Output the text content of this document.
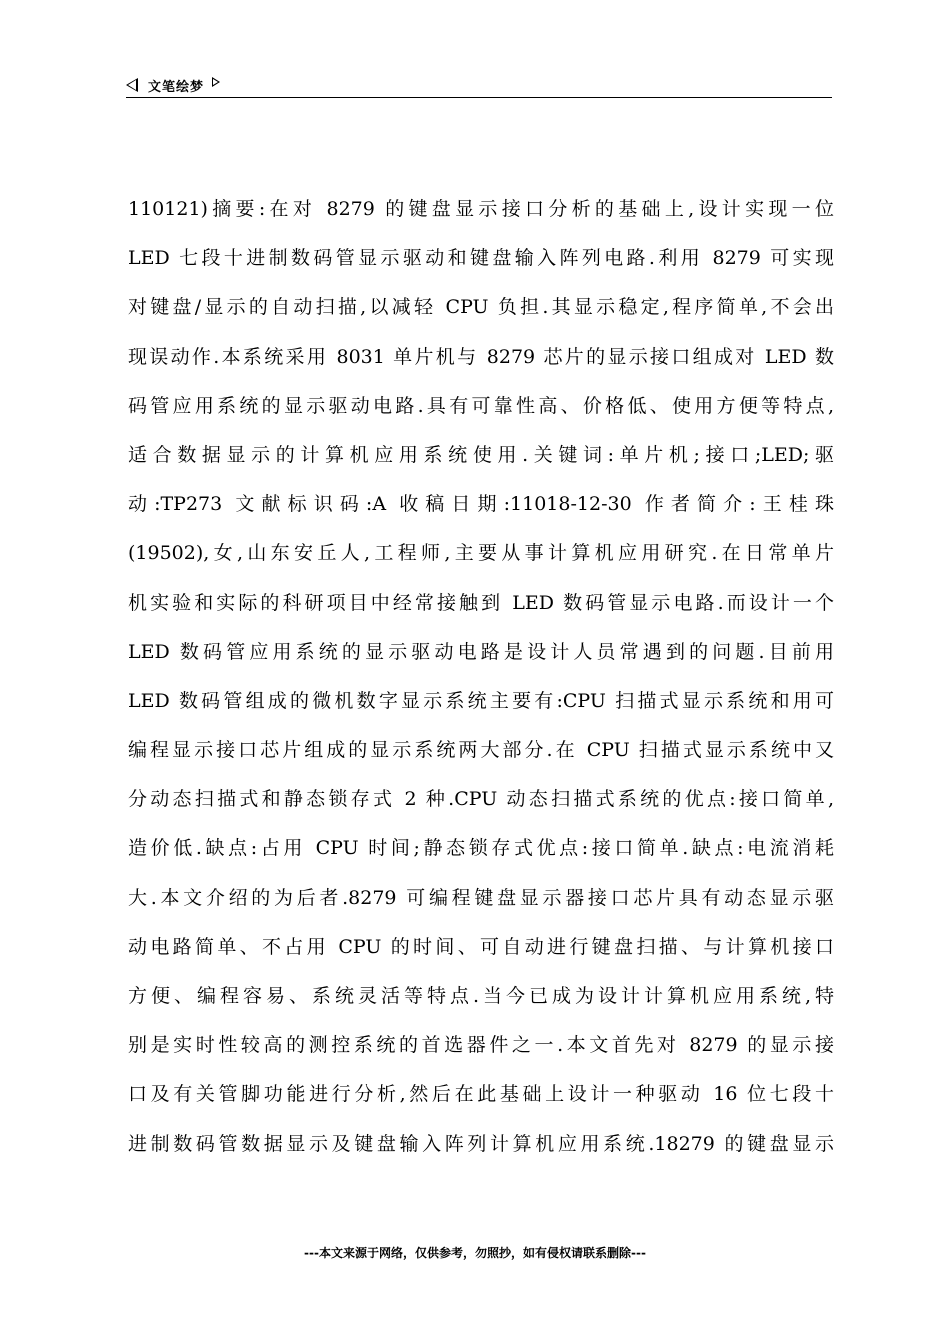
文笔绘梦
110121)摘要:在对 8279 的键盘显示接口分析的基础上,设计实现一位
LED 七段十进制数码管显示驱动和键盘输入阵列电路.利用 8279 可实现
对键盘/显示的自动扫描,以减轻 CPU 负担.其显示稳定,程序简单,不会出
现误动作.本系统采用 8031 单片机与 8279 芯片的显示接口组成对 LED 数
码管应用系统的显示驱动电路.具有可靠性高、价格低、使用方便等特点,
适合数据显示的计算机应用系统使用.关键词:单片机;接口;LED;驱
动:TP273 文献标识码:A 收稿日期:11018-12-30 作者简介:王桂珠
(19502),女,山东安丘人,工程师,主要从事计算机应用研究.在日常单片
机实验和实际的科研项目中经常接触到 LED 数码管显示电路.而设计一个
LED 数码管应用系统的显示驱动电路是设计人员常遇到的问题.目前用
LED 数码管组成的微机数字显示系统主要有:CPU 扫描式显示系统和用可
编程显示接口芯片组成的显示系统两大部分.在 CPU 扫描式显示系统中又
分动态扫描式和静态锁存式 2 种.CPU 动态扫描式系统的优点:接口简单,
造价低.缺点:占用 CPU 时间;静态锁存式优点:接口简单.缺点:电流消耗
大.本文介绍的为后者.8279 可编程键盘显示器接口芯片具有动态显示驱
动电路简单、不占用 CPU 的时间、可自动进行键盘扫描、与计算机接口
方便、编程容易、系统灵活等特点.当今已成为设计计算机应用系统,特
别是实时性较高的测控系统的首选器件之一.本文首先对 8279 的显示接
口及有关管脚功能进行分析,然后在此基础上设计一种驱动 16 位七段十
进制数码管数据显示及键盘输入阵列计算机应用系统.18279 的键盘显示
---本文来源于网络，仅供参考，勿照抄，如有侵权请联系删除---
